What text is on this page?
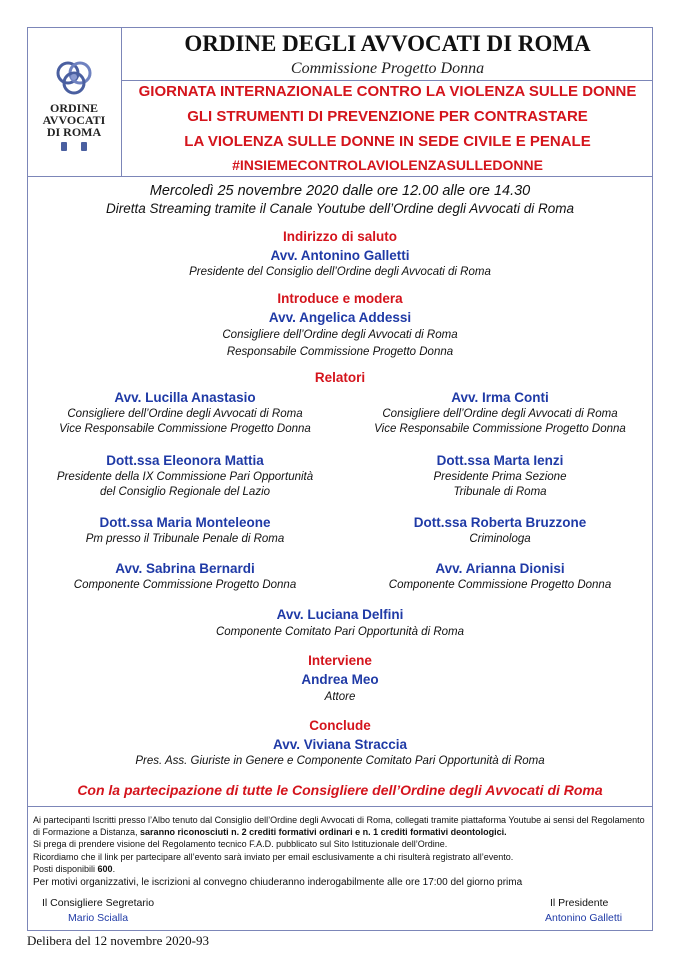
ORDINE
AVVOCATI
DI ROMA
ORDINE DEGLI AVVOCATI DI ROMA
Commissione Progetto Donna
GIORNATA INTERNAZIONALE CONTRO LA VIOLENZA SULLE DONNE
GLI STRUMENTI DI PREVENZIONE PER CONTRASTARE
LA VIOLENZA SULLE DONNE IN SEDE CIVILE E PENALE
#INSIEMECONTROLAVIOLENZASULLEDONNE
Mercoledì 25 novembre 2020 dalle ore 12.00 alle ore 14.30
Diretta Streaming tramite il Canale Youtube dell’Ordine degli Avvocati di Roma
Indirizzo di saluto
Avv. Antonino Galletti
Presidente del Consiglio dell’Ordine degli Avvocati di Roma
Introduce e modera
Avv. Angelica Addessi
Consigliere dell’Ordine degli Avvocati di Roma
Responsabile Commissione Progetto Donna
Relatori
Avv. Lucilla Anastasio
Consigliere dell’Ordine degli Avvocati di Roma
Vice Responsabile Commissione Progetto Donna
Avv. Irma Conti
Consigliere dell’Ordine degli Avvocati di Roma
Vice Responsabile Commissione Progetto Donna
Dott.ssa Eleonora Mattia
Presidente della IX Commissione Pari Opportunità
del Consiglio Regionale del Lazio
Dott.ssa Marta Ienzi
Presidente Prima Sezione
Tribunale di Roma
Dott.ssa Maria Monteleone
Pm presso il Tribunale Penale di Roma
Dott.ssa Roberta Bruzzone
Criminologa
Avv. Sabrina Bernardi
Componente Commissione Progetto Donna
Avv. Arianna Dionisi
Componente Commissione Progetto Donna
Avv. Luciana Delfini
Componente Comitato Pari Opportunità di Roma
Interviene
Andrea Meo
Attore
Conclude
Avv. Viviana Straccia
Pres. Ass. Giuriste in Genere e Componente Comitato Pari Opportunità di Roma
Con la partecipazione di tutte le Consigliere dell’Ordine degli Avvocati di Roma
Ai partecipanti Iscritti presso l’Albo tenuto dal Consiglio dell’Ordine degli Avvocati di Roma, collegati tramite piattaforma Youtube ai sensi del Regolamento di Formazione a Distanza, saranno riconosciuti n. 2 crediti formativi ordinari e n. 1 crediti formativi deontologici.
Si prega di prendere visione del Regolamento tecnico F.A.D. pubblicato sul Sito Istituzionale dell’Ordine.
Ricordiamo che il link per partecipare all’evento sarà inviato per email esclusivamente a chi risulterà registrato all’evento.
Posti disponibili 600.
Per motivi organizzativi, le iscrizioni al convegno chiuderanno inderogabilmente alle ore 17:00 del giorno prima
Il Consigliere Segretario
Mario Scialla
Il Presidente
Antonino Galletti
Delibera del 12 novembre 2020-93
